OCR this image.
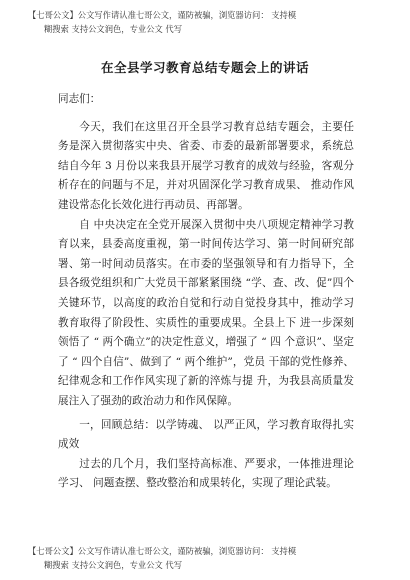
【七哥公文】公文写作请认准七哥公文，谨防被骗，浏览器访问： 支持模
糊搜索 支持公文润色，专业公文 代写
在全县学习教育总结专题会上的讲话

同志们：

今天，我们在这里召开全县学习教育总结专题会，主要任务是深入贯彻落实中央、省委、市委的最新部署要求，系统总结自今年 3 月份以来我县开展学习教育的成效与经验，客观分析存在的问题与不足，并对巩固深化学习教育成果、 推动作风建设常态化长效化进行再动员、再部署。

自 中央决定在全党开展深入贯彻中央八项规定精神学习教育以来，县委高度重视，第一时间传达学习、第一时间研究部署、第一时间动员落实。在市委的坚强领导和有力指导下，全县各级党组织和广大党员干部紧紧围绕 “学、查、改、促”四个关键环节，以高度的政治自觉和行动自觉投身其中，推动学习教育取得了阶段性、实质性的重要成果。全县上下 进一步深刻领悟了 “ 两个确立”的决定性意义，增强了 “ 四 个意识”、坚定了 “ 四个自信”、做到了 “ 两个维护”，党员 干部的党性修养、纪律观念和工作作风实现了新的淬炼与提 升，为我县高质量发展注入了强劲的政治动力和作风保障。

一，回顾总结：以学铸魂、 以严正风，学习教育取得扎实 成效

过去的几个月，我们坚持高标准、严要求，一体推进理论学习、 问题查摆、整改整治和成果转化，实现了理论武装。

【七哥公文】公文写作请认准七哥公文，谨防被骗，浏览器访问： 支持模
糊搜索 支持公文润色，专业公文 代写
